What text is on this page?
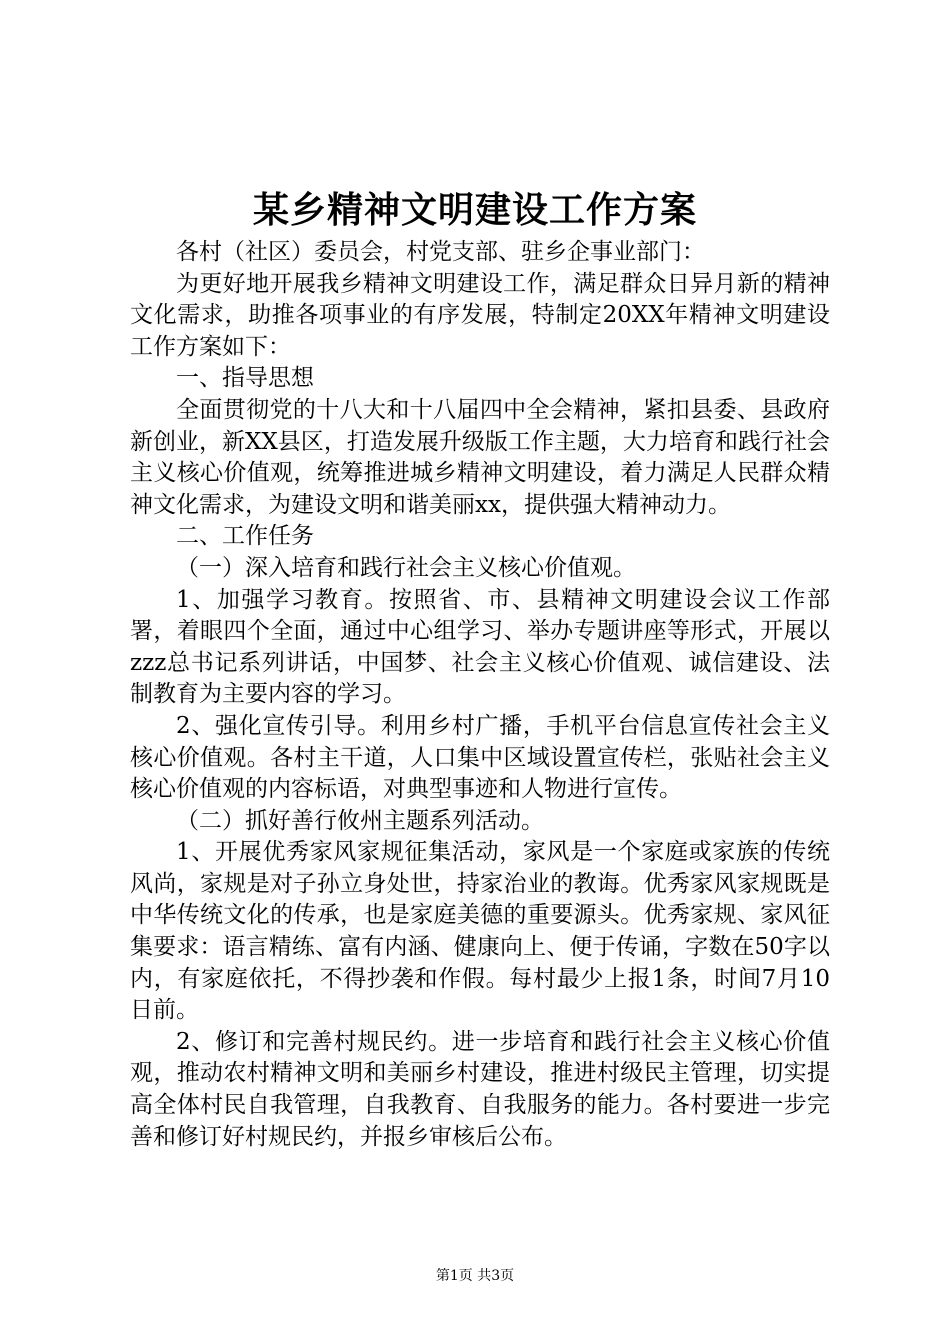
某乡精神文明建设工作方案

各村（社区）委员会，村党支部、驻乡企事业部门：

为更好地开展我乡精神文明建设工作，满足群众日异月新的精神文化需求，助推各项事业的有序发展，特制定20XX年精神文明建设工作方案如下：

一、指导思想

全面贯彻党的十八大和十八届四中全会精神，紧扣县委、县政府新创业，新XX县区，打造发展升级版工作主题，大力培育和践行社会主义核心价值观，统筹推进城乡精神文明建设，着力满足人民群众精神文化需求，为建设文明和谐美丽xx，提供强大精神动力。

二、工作任务

（一）深入培育和践行社会主义核心价值观。

1、加强学习教育。按照省、市、县精神文明建设会议工作部署，着眼四个全面，通过中心组学习、举办专题讲座等形式，开展以zzz总书记系列讲话，中国梦、社会主义核心价值观、诚信建设、法制教育为主要内容的学习。

2、强化宣传引导。利用乡村广播，手机平台信息宣传社会主义核心价值观。各村主干道，人口集中区域设置宣传栏，张贴社会主义核心价值观的内容标语，对典型事迹和人物进行宣传。

（二）抓好善行攸州主题系列活动。

1、开展优秀家风家规征集活动，家风是一个家庭或家族的传统风尚，家规是对子孙立身处世，持家治业的教诲。优秀家风家规既是中华传统文化的传承，也是家庭美德的重要源头。优秀家规、家风征集要求：语言精练、富有内涵、健康向上、便于传诵，字数在50字以内，有家庭依托，不得抄袭和作假。每村最少上报1条，时间7月10日前。

2、修订和完善村规民约。进一步培育和践行社会主义核心价值观，推动农村精神文明和美丽乡村建设，推进村级民主管理，切实提高全体村民自我管理，自我教育、自我服务的能力。各村要进一步完善和修订好村规民约，并报乡审核后公布。

第1页 共3页
